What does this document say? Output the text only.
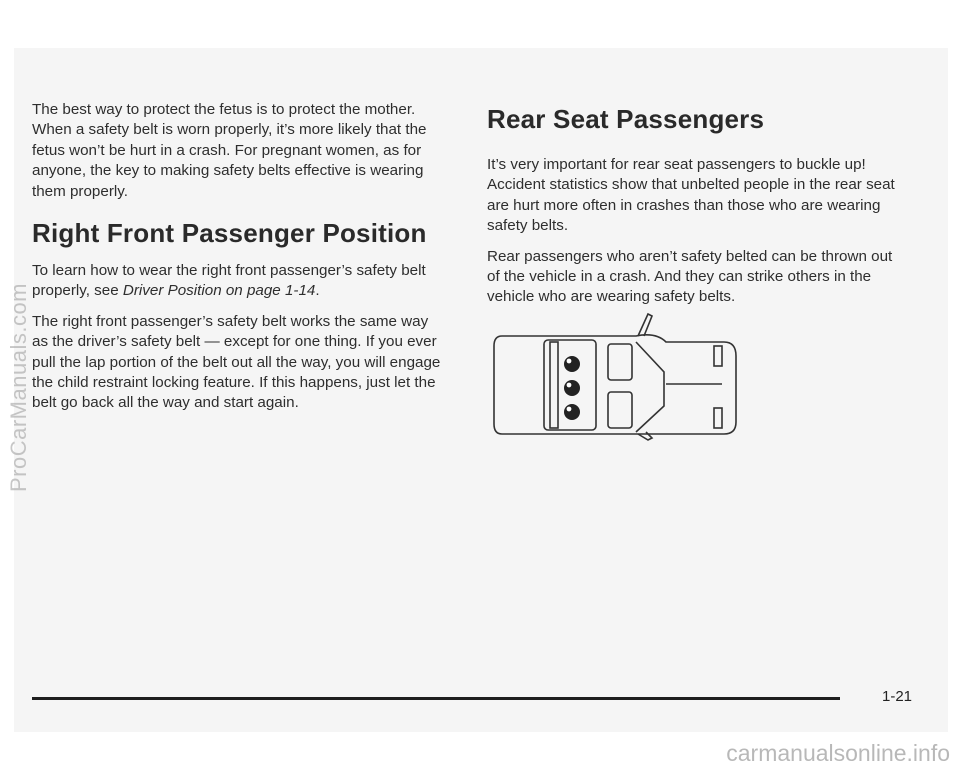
The best way to protect the fetus is to protect the mother. When a safety belt is worn properly, it’s more likely that the fetus won’t be hurt in a crash. For pregnant women, as for anyone, the key to making safety belts effective is wearing them properly.

Right Front Passenger Position

To learn how to wear the right front passenger’s safety belt properly, see Driver Position on page 1-14.

The right front passenger’s safety belt works the same way as the driver’s safety belt — except for one thing. If you ever pull the lap portion of the belt out all the way, you will engage the child restraint locking feature. If this happens, just let the belt go back all the way and start again.

Rear Seat Passengers

It’s very important for rear seat passengers to buckle up! Accident statistics show that unbelted people in the rear seat are hurt more often in crashes than those who are wearing safety belts.

Rear passengers who aren’t safety belted can be thrown out of the vehicle in a crash. And they can strike others in the vehicle who are wearing safety belts.

ProCarManuals.com
1-21
carmanualsonline.info
